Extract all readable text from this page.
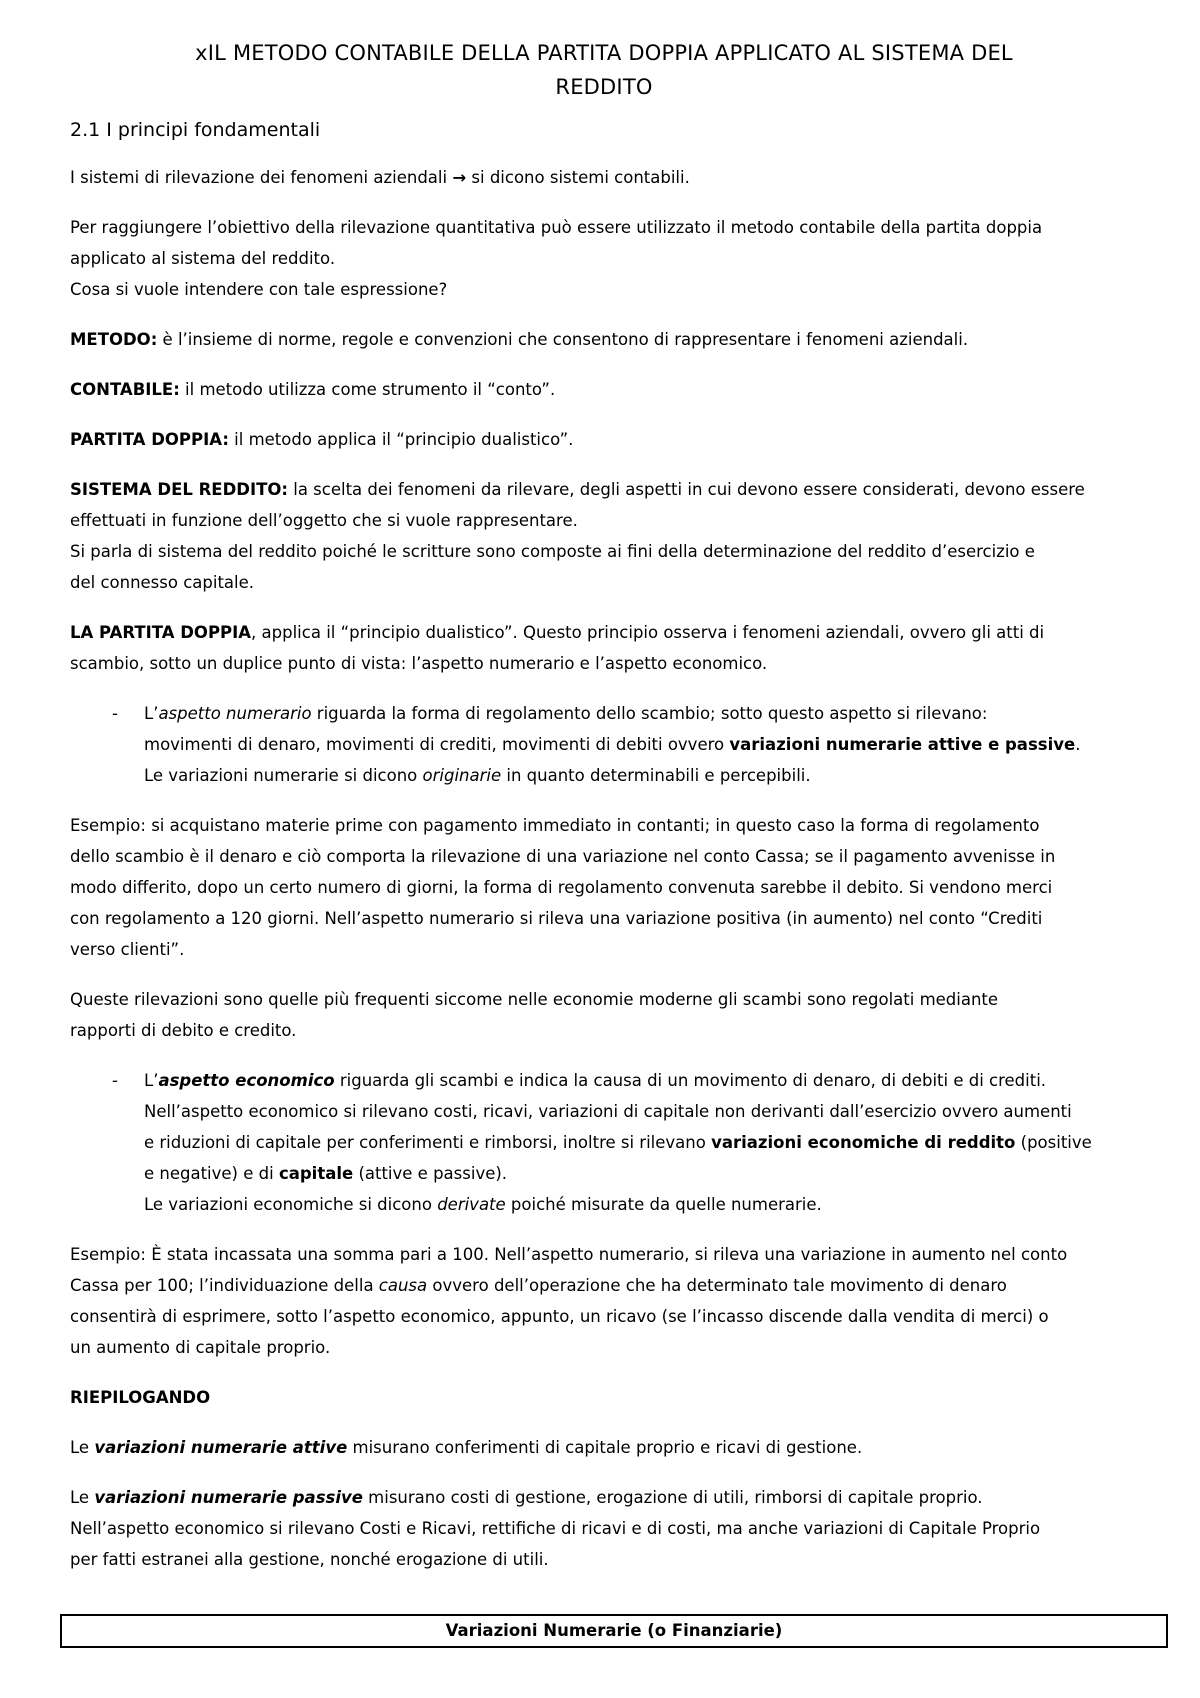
xIL METODO CONTABILE DELLA PARTITA DOPPIA APPLICATO AL SISTEMA DEL
REDDITO
2.1 I principi fondamentali

I sistemi di rilevazione dei fenomeni aziendali → si dicono sistemi contabili.

Per raggiungere l’obiettivo della rilevazione quantitativa può essere utilizzato il metodo contabile della partita doppia
applicato al sistema del reddito.
Cosa si vuole intendere con tale espressione?

METODO: è l’insieme di norme, regole e convenzioni che consentono di rappresentare i fenomeni aziendali.

CONTABILE: il metodo utilizza come strumento il “conto”.

PARTITA DOPPIA: il metodo applica il “principio dualistico”.

SISTEMA DEL REDDITO: la scelta dei fenomeni da rilevare, degli aspetti in cui devono essere considerati, devono essere
effettuati in funzione dell’oggetto che si vuole rappresentare.
Si parla di sistema del reddito poiché le scritture sono composte ai fini della determinazione del reddito d’esercizio e
del connesso capitale.

LA PARTITA DOPPIA, applica il “principio dualistico”. Questo principio osserva i fenomeni aziendali, ovvero gli atti di
scambio, sotto un duplice punto di vista: l’aspetto numerario e l’aspetto economico.

- L’aspetto numerario riguarda la forma di regolamento dello scambio; sotto questo aspetto si rilevano:
movimenti di denaro, movimenti di crediti, movimenti di debiti ovvero variazioni numerarie attive e passive.
Le variazioni numerarie si dicono originarie in quanto determinabili e percepibili.

Esempio: si acquistano materie prime con pagamento immediato in contanti; in questo caso la forma di regolamento
dello scambio è il denaro e ciò comporta la rilevazione di una variazione nel conto Cassa; se il pagamento avvenisse in
modo differito, dopo un certo numero di giorni, la forma di regolamento convenuta sarebbe il debito. Si vendono merci
con regolamento a 120 giorni. Nell’aspetto numerario si rileva una variazione positiva (in aumento) nel conto “Crediti
verso clienti”.

Queste rilevazioni sono quelle più frequenti siccome nelle economie moderne gli scambi sono regolati mediante
rapporti di debito e credito.

- L’aspetto economico riguarda gli scambi e indica la causa di un movimento di denaro, di debiti e di crediti.
Nell’aspetto economico si rilevano costi, ricavi, variazioni di capitale non derivanti dall’esercizio ovvero aumenti
e riduzioni di capitale per conferimenti e rimborsi, inoltre si rilevano variazioni economiche di reddito (positive
e negative) e di capitale (attive e passive).
Le variazioni economiche si dicono derivate poiché misurate da quelle numerarie.

Esempio: È stata incassata una somma pari a 100. Nell’aspetto numerario, si rileva una variazione in aumento nel conto
Cassa per 100; l’individuazione della causa ovvero dell’operazione che ha determinato tale movimento di denaro
consentirà di esprimere, sotto l’aspetto economico, appunto, un ricavo (se l’incasso discende dalla vendita di merci) o
un aumento di capitale proprio.

RIEPILOGANDO

Le variazioni numerarie attive misurano conferimenti di capitale proprio e ricavi di gestione.

Le variazioni numerarie passive misurano costi di gestione, erogazione di utili, rimborsi di capitale proprio.
Nell’aspetto economico si rilevano Costi e Ricavi, rettifiche di ricavi e di costi, ma anche variazioni di Capitale Proprio
per fatti estranei alla gestione, nonché erogazione di utili.

Variazioni Numerarie (o Finanziarie)
